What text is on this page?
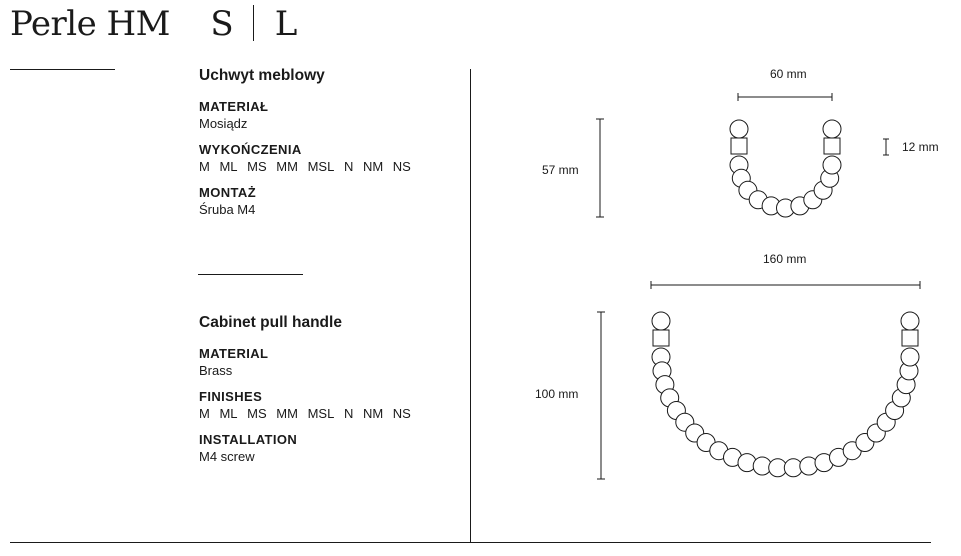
Perle HM S L
Uchwyt meblowy
MATERIAŁ
Mosiądz
WYKOŃCZENIA
M ML MS MM MSL N NM NS
MONTAŻ
Śruba M4
Cabinet pull handle
MATERIAL
Brass
FINISHES
M ML MS MM MSL N NM NS
INSTALLATION
M4 screw
60 mm
57 mm
12 mm
160 mm
100 mm
